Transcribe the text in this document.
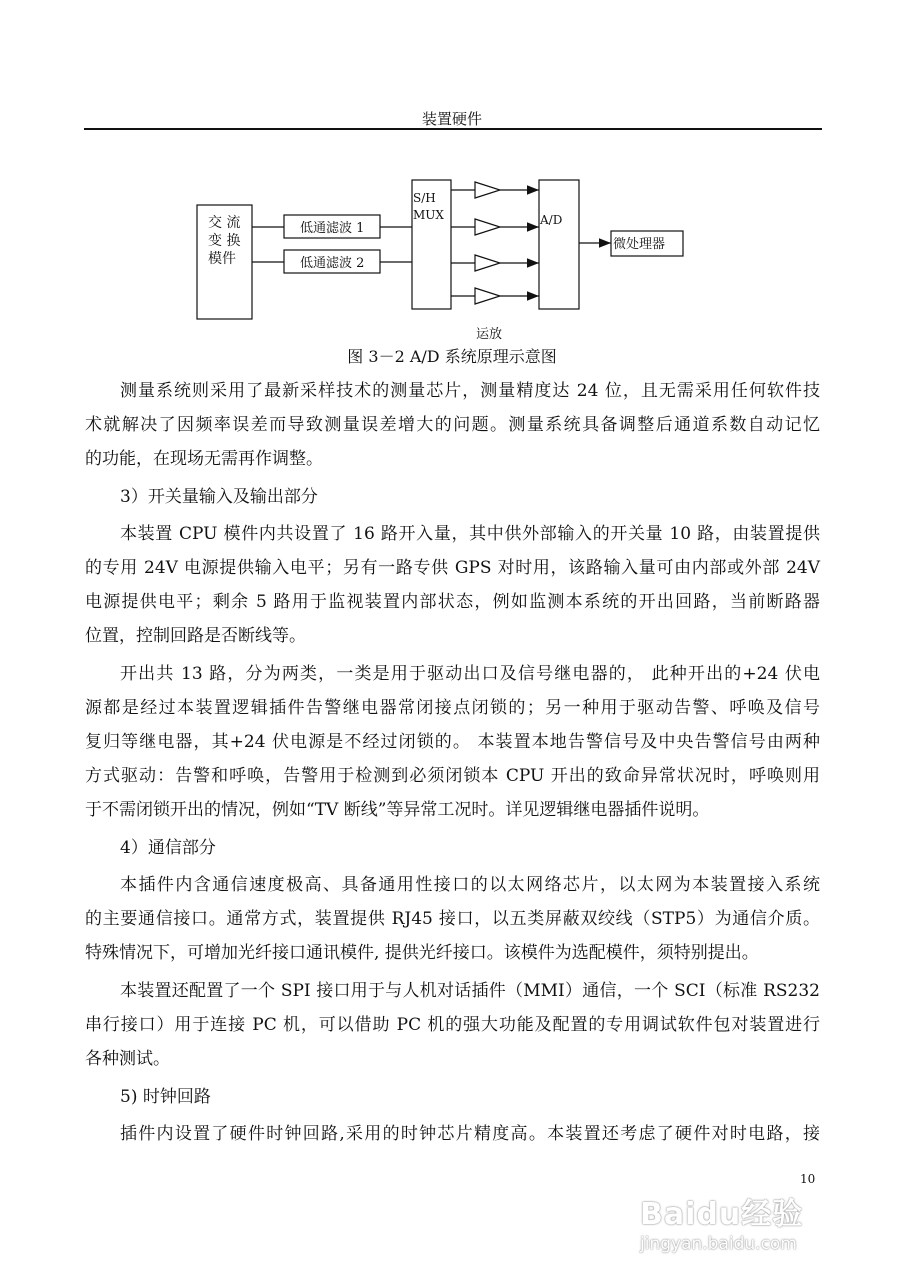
装置硬件
交 流
变 换
模件
低通滤波 1
低通滤波 2
S/H
MUX	A/D
微处理器
运放
图 3－2 A/D 系统原理示意图
测量系统则采用了最新采样技术的测量芯片，测量精度达 24 位，且无需采用任何软件技
术就解决了因频率误差而导致测量误差增大的问题。测量系统具备调整后通道系数自动记忆
的功能，在现场无需再作调整。
3）开关量输入及输出部分
本装置 CPU 模件内共设置了 16 路开入量，其中供外部输入的开关量 10 路，由装置提供
的专用 24V 电源提供输入电平；另有一路专供 GPS 对时用，该路输入量可由内部或外部 24V
电源提供电平；剩余 5 路用于监视装置内部状态，例如监测本系统的开出回路，当前断路器
位置，控制回路是否断线等。
开出共 13 路，分为两类，一类是用于驱动出口及信号继电器的， 此种开出的+24 伏电
源都是经过本装置逻辑插件告警继电器常闭接点闭锁的；另一种用于驱动告警、呼唤及信号
复归等继电器，其+24 伏电源是不经过闭锁的。 本装置本地告警信号及中央告警信号由两种
方式驱动：告警和呼唤，告警用于检测到必须闭锁本 CPU 开出的致命异常状况时，呼唤则用
于不需闭锁开出的情况，例如“TV 断线”等异常工况时。详见逻辑继电器插件说明。
4）通信部分
本插件内含通信速度极高、具备通用性接口的以太网络芯片，以太网为本装置接入系统
的主要通信接口。通常方式，装置提供 RJ45 接口，以五类屏蔽双绞线（STP5）为通信介质。
特殊情况下，可增加光纤接口通讯模件, 提供光纤接口。该模件为选配模件，须特别提出。
本装置还配置了一个 SPI 接口用于与人机对话插件（MMI）通信，一个 SCI（标准 RS232
串行接口）用于连接 PC 机，可以借助 PC 机的强大功能及配置的专用调试软件包对装置进行
各种测试。
5) 时钟回路
插件内设置了硬件时钟回路,采用的时钟芯片精度高。本装置还考虑了硬件对时电路，接
10
Baidu经验
jingyan.baidu.com
